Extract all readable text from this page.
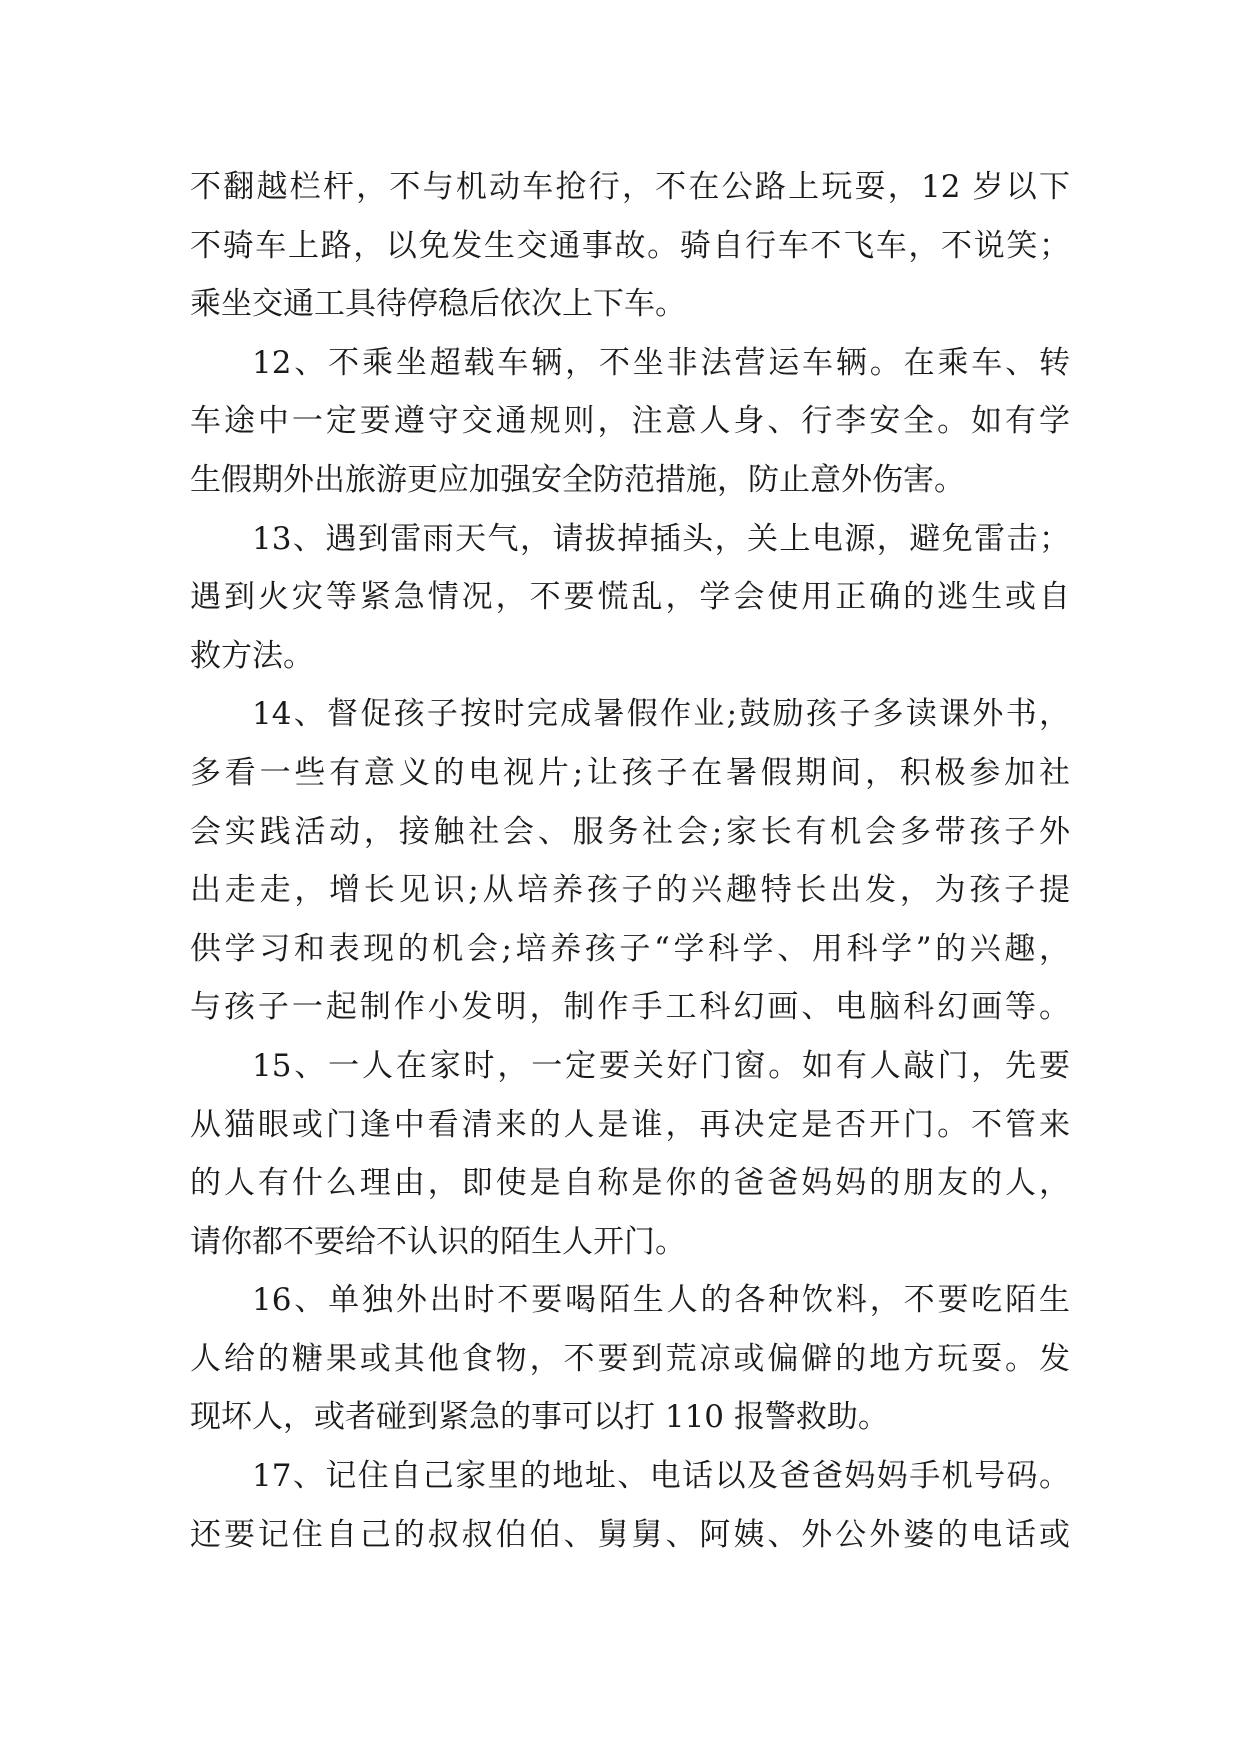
不翻越栏杆，不与机动车抢行，不在公路上玩耍，12 岁以下
不骑车上路，以免发生交通事故。骑自行车不飞车，不说笑；
乘坐交通工具待停稳后依次上下车。
12、不乘坐超载车辆，不坐非法营运车辆。在乘车、转
车途中一定要遵守交通规则，注意人身、行李安全。如有学
生假期外出旅游更应加强安全防范措施，防止意外伤害。
13、遇到雷雨天气，请拔掉插头，关上电源，避免雷击；
遇到火灾等紧急情况，不要慌乱，学会使用正确的逃生或自
救方法。
14、督促孩子按时完成暑假作业;鼓励孩子多读课外书，
多看一些有意义的电视片;让孩子在暑假期间，积极参加社
会实践活动，接触社会、服务社会;家长有机会多带孩子外
出走走，增长见识;从培养孩子的兴趣特长出发，为孩子提
供学习和表现的机会;培养孩子“学科学、用科学”的兴趣，
与孩子一起制作小发明，制作手工科幻画、电脑科幻画等。
15、一人在家时，一定要关好门窗。如有人敲门，先要
从猫眼或门逢中看清来的人是谁，再决定是否开门。不管来
的人有什么理由，即使是自称是你的爸爸妈妈的朋友的人，
请你都不要给不认识的陌生人开门。
16、单独外出时不要喝陌生人的各种饮料，不要吃陌生
人给的糖果或其他食物，不要到荒凉或偏僻的地方玩耍。发
现坏人，或者碰到紧急的事可以打 110 报警救助。
17、记住自己家里的地址、电话以及爸爸妈妈手机号码。
还要记住自己的叔叔伯伯、舅舅、阿姨、外公外婆的电话或
